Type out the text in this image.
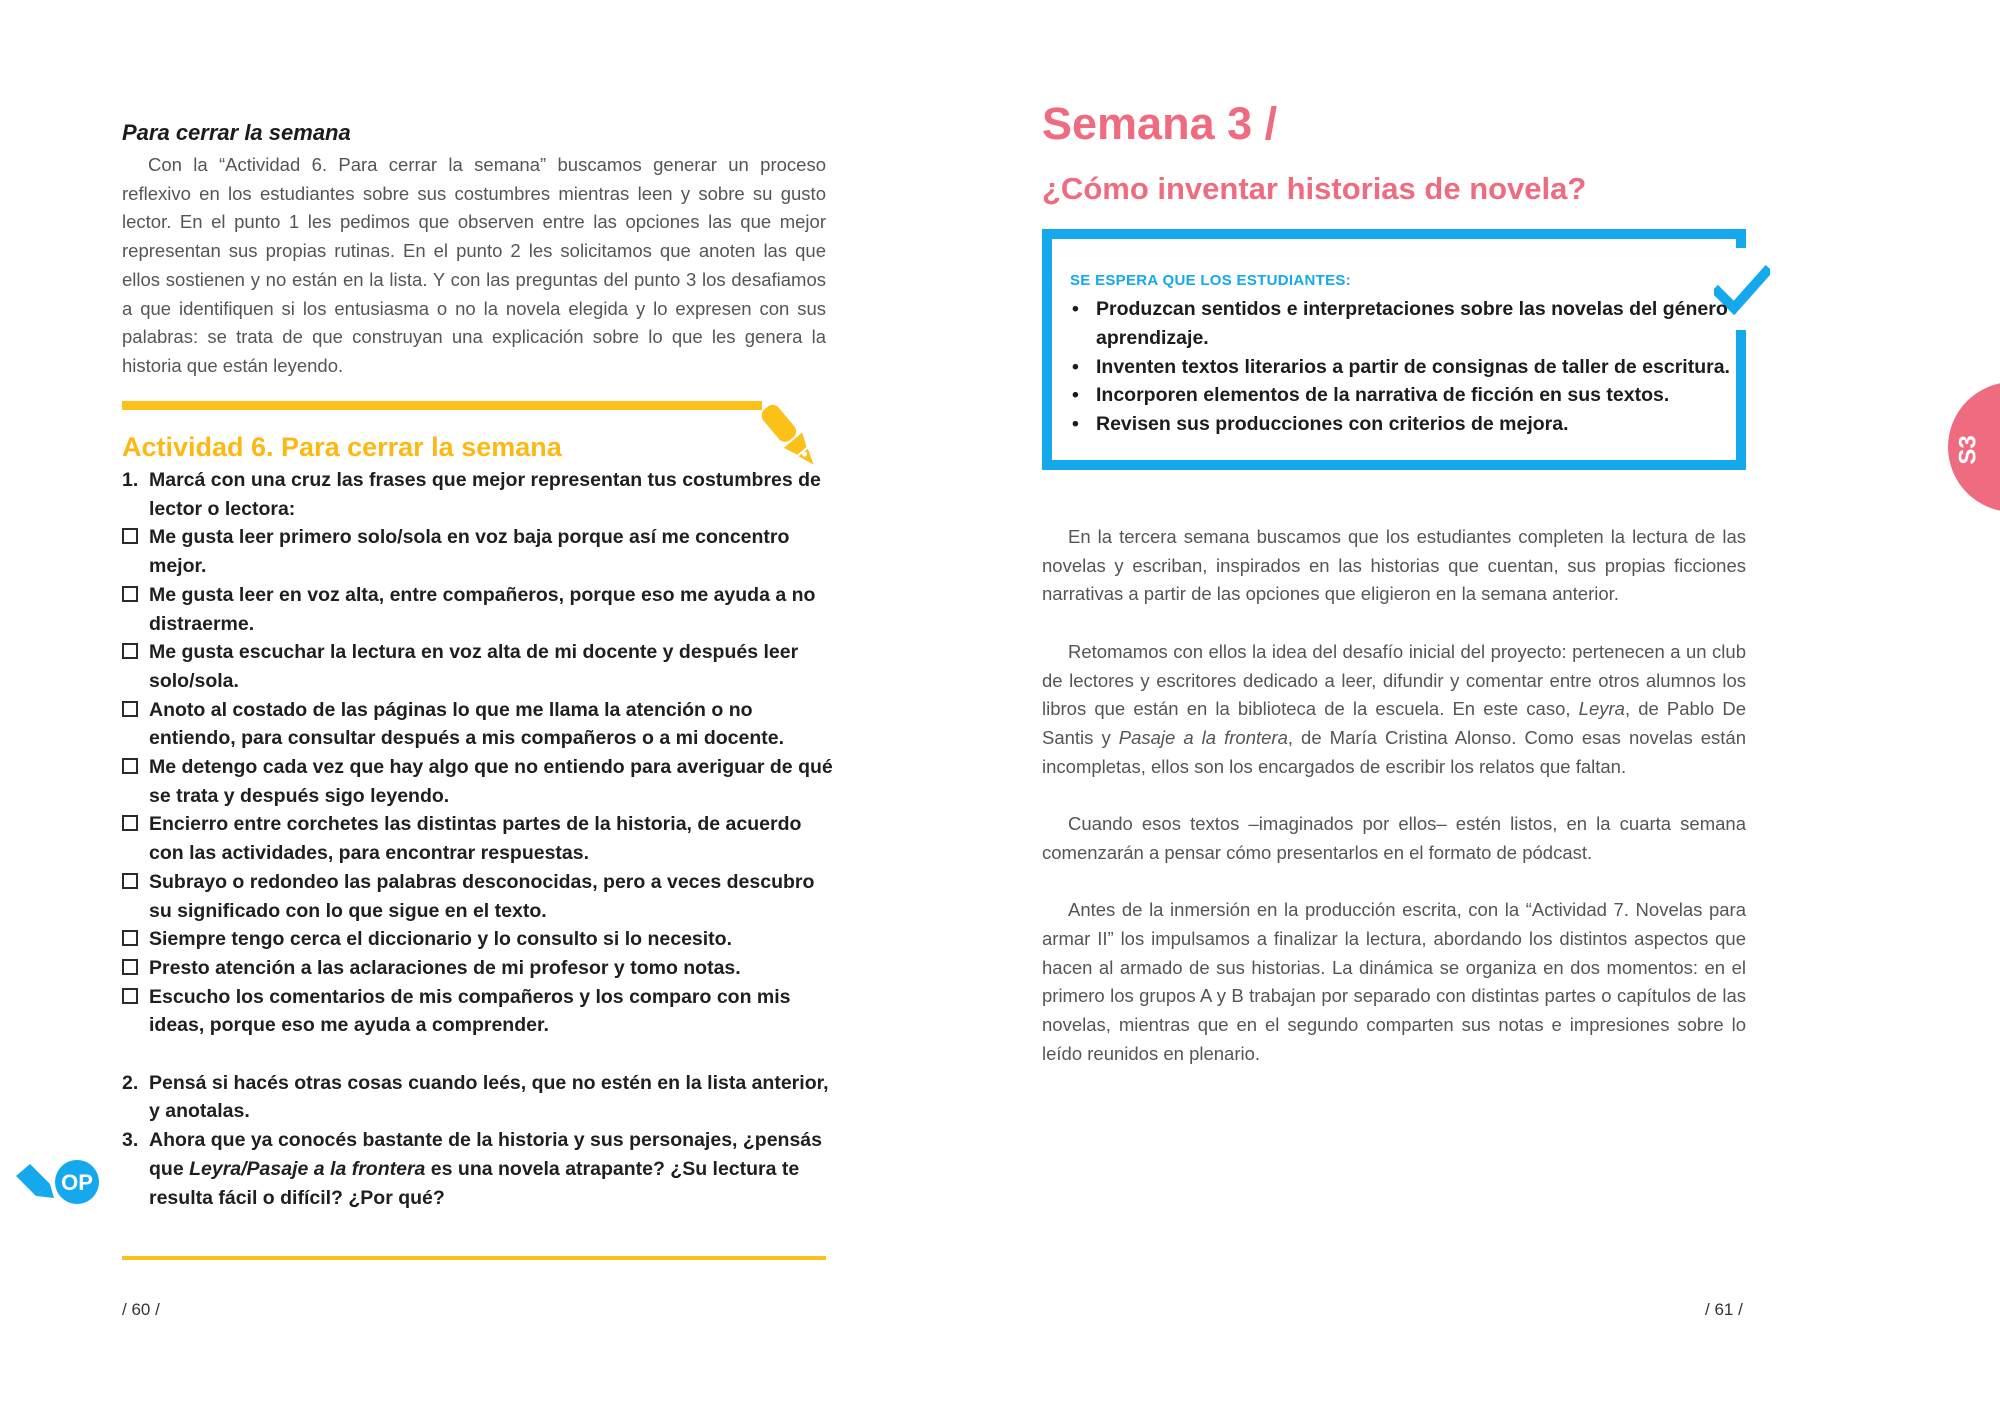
Para cerrar la semana

Con la “Actividad 6. Para cerrar la semana” buscamos generar un proceso reflexivo en los estudiantes sobre sus costumbres mientras leen y sobre su gusto lector. En el punto 1 les pedimos que observen entre las opciones las que mejor representan sus propias rutinas. En el punto 2 les solicitamos que anoten las que ellos sostienen y no están en la lista. Y con las preguntas del punto 3 los desafiamos a que identifiquen si los entusiasma o no la novela elegida y lo expresen con sus palabras: se trata de que construyan una explicación sobre lo que les genera la historia que están leyendo.

Actividad 6. Para cerrar la semana
1. Marcá con una cruz las frases que mejor representan tus costumbres de lector o lectora:
Me gusta leer primero solo/sola en voz baja porque así me concentro mejor.
Me gusta leer en voz alta, entre compañeros, porque eso me ayuda a no distraerme.
Me gusta escuchar la lectura en voz alta de mi docente y después leer solo/sola.
Anoto al costado de las páginas lo que me llama la atención o no entiendo, para consultar después a mis compañeros o a mi docente.
Me detengo cada vez que hay algo que no entiendo para averiguar de qué se trata y después sigo leyendo.
Encierro entre corchetes las distintas partes de la historia, de acuerdo con las actividades, para encontrar respuestas.
Subrayo o redondeo las palabras desconocidas, pero a veces descubro su significado con lo que sigue en el texto.
Siempre tengo cerca el diccionario y lo consulto si lo necesito.
Presto atención a las aclaraciones de mi profesor y tomo notas.
Escucho los comentarios de mis compañeros y los comparo con mis ideas, porque eso me ayuda a comprender.
2. Pensá si hacés otras cosas cuando leés, que no estén en la lista anterior, y anotalas.
3. Ahora que ya conocés bastante de la historia y sus personajes, ¿pensás que Leyra/Pasaje a la frontera es una novela atrapante? ¿Su lectura te resulta fácil o difícil? ¿Por qué?
OP
/ 60 /
Semana 3 /
¿Cómo inventar historias de novela?
SE ESPERA QUE LOS ESTUDIANTES:
• Produzcan sentidos e interpretaciones sobre las novelas del género aprendizaje.
• Inventen textos literarios a partir de consignas de taller de escritura.
• Incorporen elementos de la narrativa de ficción en sus textos.
• Revisen sus producciones con criterios de mejora.

En la tercera semana buscamos que los estudiantes completen la lectura de las novelas y escriban, inspirados en las historias que cuentan, sus propias ficciones narrativas a partir de las opciones que eligieron en la semana anterior.

Retomamos con ellos la idea del desafío inicial del proyecto: pertenecen a un club de lectores y escritores dedicado a leer, difundir y comentar entre otros alumnos los libros que están en la biblioteca de la escuela. En este caso, Leyra, de Pablo De Santis y Pasaje a la frontera, de María Cristina Alonso. Como esas novelas están incompletas, ellos son los encargados de escribir los relatos que faltan.

Cuando esos textos –imaginados por ellos– estén listos, en la cuarta semana comenzarán a pensar cómo presentarlos en el formato de pódcast.

Antes de la inmersión en la producción escrita, con la “Actividad 7. Novelas para armar II” los impulsamos a finalizar la lectura, abordando los distintos aspectos que hacen al armado de sus historias. La dinámica se organiza en dos momentos: en el primero los grupos A y B trabajan por separado con distintas partes o capítulos de las novelas, mientras que en el segundo comparten sus notas e impresiones sobre lo leído reunidos en plenario.

S3
/ 61 /
